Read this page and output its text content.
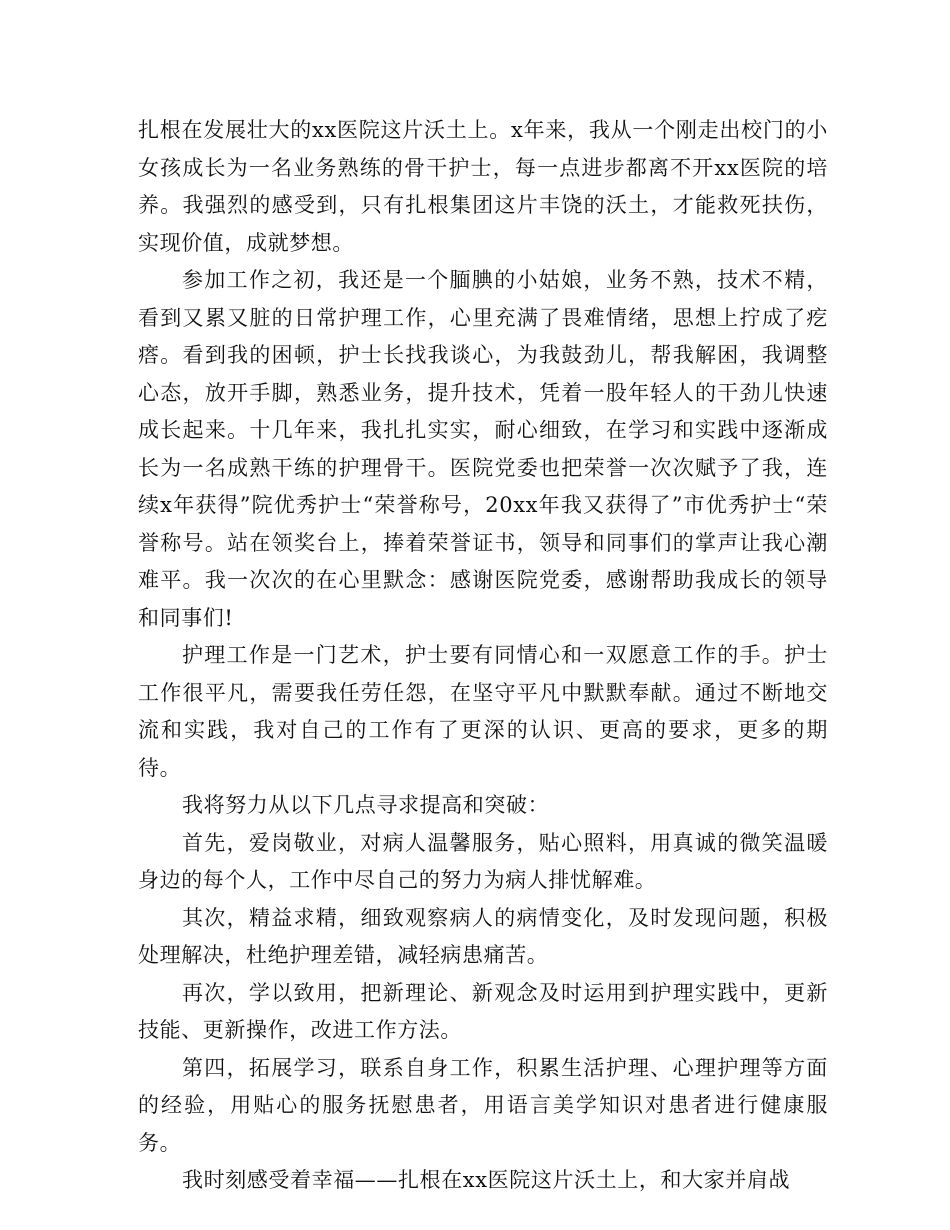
扎根在发展壮大的xx医院这片沃土上。x年来，我从一个刚走出校门的小女孩成长为一名业务熟练的骨干护士，每一点进步都离不开xx医院的培养。我强烈的感受到，只有扎根集团这片丰饶的沃土，才能救死扶伤，实现价值，成就梦想。

参加工作之初，我还是一个腼腆的小姑娘，业务不熟，技术不精，看到又累又脏的日常护理工作，心里充满了畏难情绪，思想上拧成了疙瘩。看到我的困顿，护士长找我谈心，为我鼓劲儿，帮我解困，我调整心态，放开手脚，熟悉业务，提升技术，凭着一股年轻人的干劲儿快速成长起来。十几年来，我扎扎实实，耐心细致，在学习和实践中逐渐成长为一名成熟干练的护理骨干。医院党委也把荣誉一次次赋予了我，连续x年获得”院优秀护士“荣誉称号，20xx年我又获得了”市优秀护士“荣誉称号。站在领奖台上，捧着荣誉证书，领导和同事们的掌声让我心潮难平。我一次次的在心里默念：感谢医院党委，感谢帮助我成长的领导和同事们!

护理工作是一门艺术，护士要有同情心和一双愿意工作的手。护士工作很平凡，需要我任劳任怨，在坚守平凡中默默奉献。通过不断地交流和实践，我对自己的工作有了更深的认识、更高的要求，更多的期待。

我将努力从以下几点寻求提高和突破：

首先，爱岗敬业，对病人温馨服务，贴心照料，用真诚的微笑温暖身边的每个人，工作中尽自己的努力为病人排忧解难。

其次，精益求精，细致观察病人的病情变化，及时发现问题，积极处理解决，杜绝护理差错，减轻病患痛苦。

再次，学以致用，把新理论、新观念及时运用到护理实践中，更新技能、更新操作，改进工作方法。

第四，拓展学习，联系自身工作，积累生活护理、心理护理等方面的经验，用贴心的服务抚慰患者，用语言美学知识对患者进行健康服务。

我时刻感受着幸福——扎根在xx医院这片沃土上，和大家并肩战
